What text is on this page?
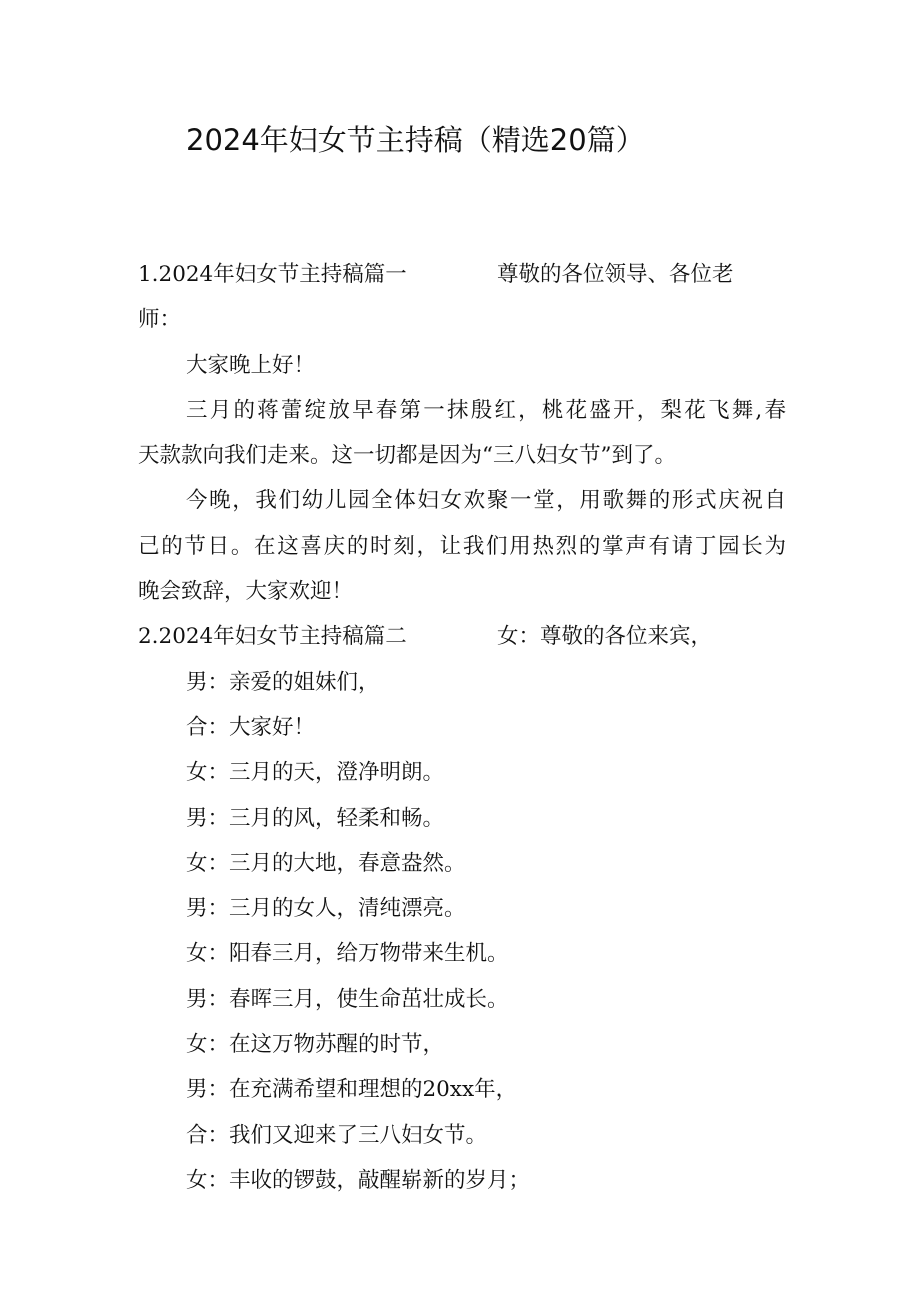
2024年妇女节主持稿（精选20篇）
1.2024年妇女节主持稿篇一	尊敬的各位领导、各位老
师：
大家晚上好！
三月的蒋蕾绽放早春第一抹殷红，桃花盛开，梨花飞舞,春
天款款向我们走来。这一切都是因为“三八妇女节”到了。
今晚，我们幼儿园全体妇女欢聚一堂，用歌舞的形式庆祝自
己的节日。在这喜庆的时刻，让我们用热烈的掌声有请丁园长为
晚会致辞，大家欢迎！
2.2024年妇女节主持稿篇二	女：尊敬的各位来宾，
男：亲爱的姐妹们，
合：大家好！
女：三月的天，澄净明朗。
男：三月的风，轻柔和畅。
女：三月的大地，春意盎然。
男：三月的女人，清纯漂亮。
女：阳春三月，给万物带来生机。
男：春晖三月，使生命茁壮成长。
女：在这万物苏醒的时节，
男：在充满希望和理想的20xx年，
合：我们又迎来了三八妇女节。
女：丰收的锣鼓，敲醒崭新的岁月；
